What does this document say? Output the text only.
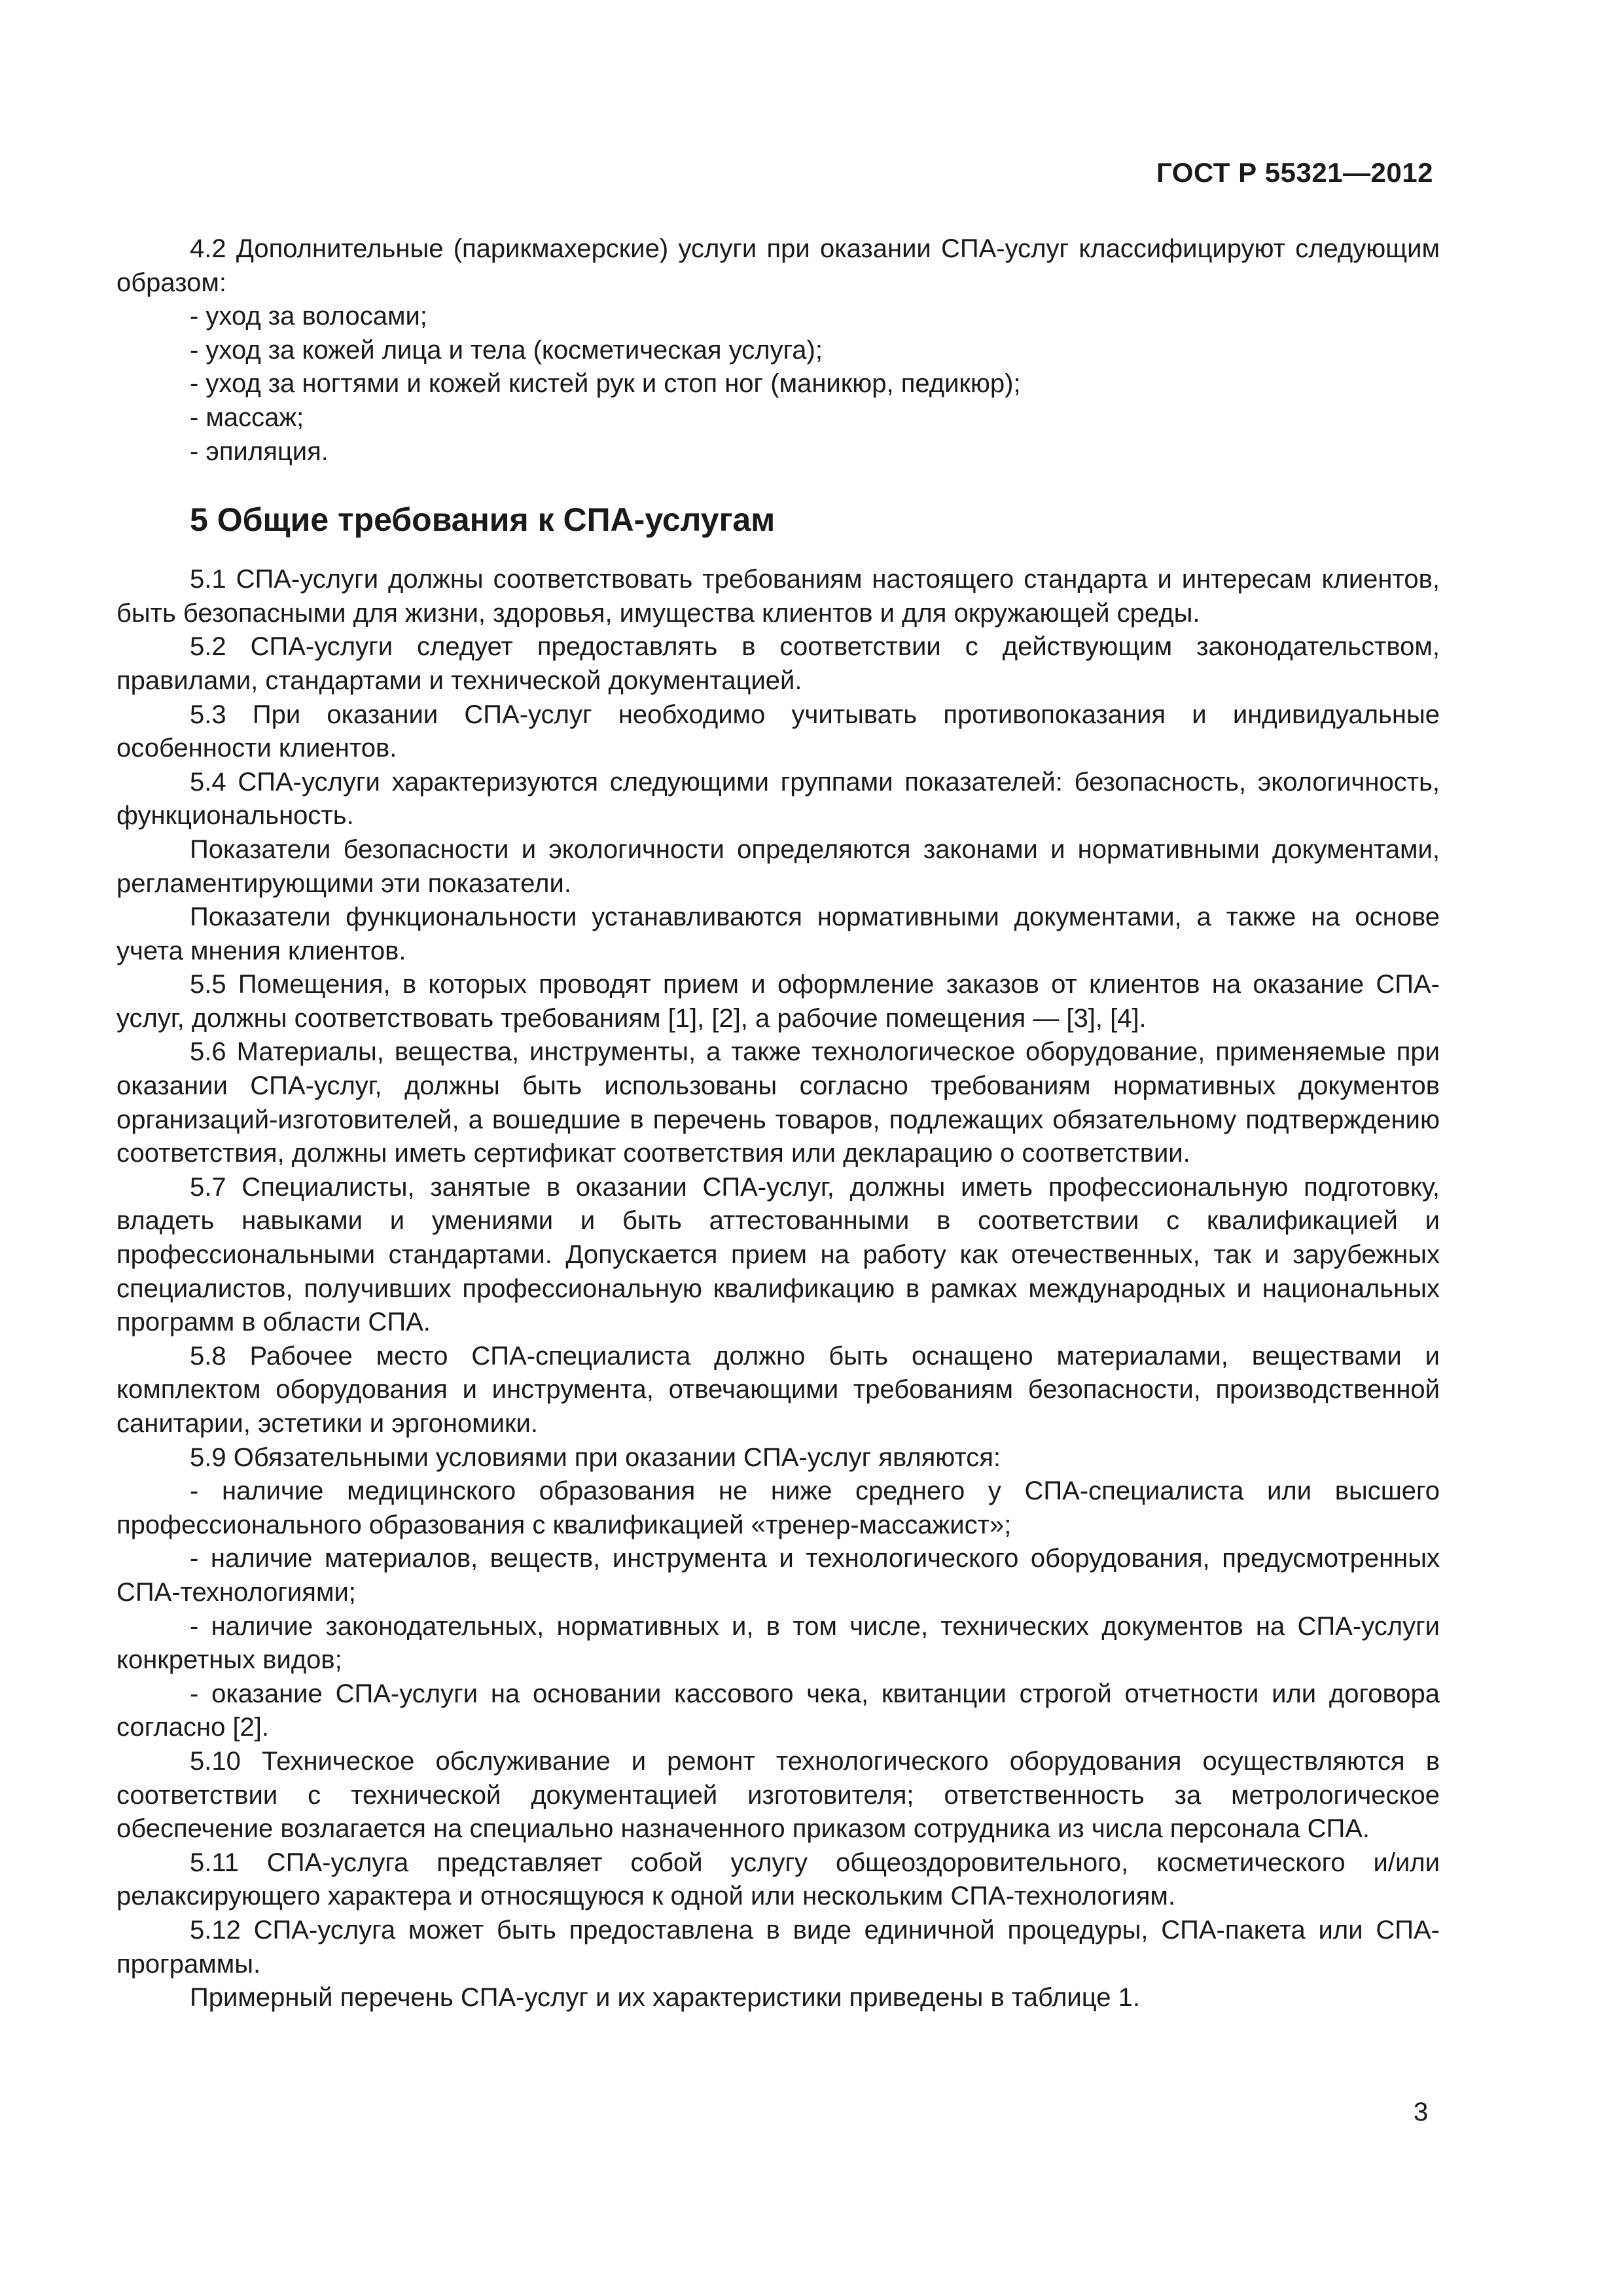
ГОСТ Р 55321—2012

4.2 Дополнительные (парикмахерские) услуги при оказании СПА-услуг классифицируют следующим образом:

- уход за волосами;

- уход за кожей лица и тела (косметическая услуга);

- уход за ногтями и кожей кистей рук и стоп ног (маникюр, педикюр);

- массаж;

- эпиляция.

5 Общие требования к СПА-услугам

5.1 СПА-услуги должны соответствовать требованиям настоящего стандарта и интересам клиентов, быть безопасными для жизни, здоровья, имущества клиентов и для окружающей среды.

5.2 СПА-услуги следует предоставлять в соответствии с действующим законодательством, правилами, стандартами и технической документацией.

5.3 При оказании СПА-услуг необходимо учитывать противопоказания и индивидуальные особенности клиентов.

5.4 СПА-услуги характеризуются следующими группами показателей: безопасность, экологичность, функциональность.

Показатели безопасности и экологичности определяются законами и нормативными документами, регламентирующими эти показатели.

Показатели функциональности устанавливаются нормативными документами, а также на основе учета мнения клиентов.

5.5 Помещения, в которых проводят прием и оформление заказов от клиентов на оказание СПА-услуг, должны соответствовать требованиям [1], [2], а рабочие помещения — [3], [4].

5.6 Материалы, вещества, инструменты, а также технологическое оборудование, применяемые при оказании СПА-услуг, должны быть использованы согласно требованиям нормативных документов организаций-изготовителей, а вошедшие в перечень товаров, подлежащих обязательному подтверждению соответствия, должны иметь сертификат соответствия или декларацию о соответствии.

5.7 Специалисты, занятые в оказании СПА-услуг, должны иметь профессиональную подготовку, владеть навыками и умениями и быть аттестованными в соответствии с квалификацией и профессиональными стандартами. Допускается прием на работу как отечественных, так и зарубежных специалистов, получивших профессиональную квалификацию в рамках международных и национальных программ в области СПА.

5.8 Рабочее место СПА-специалиста должно быть оснащено материалами, веществами и комплектом оборудования и инструмента, отвечающими требованиям безопасности, производственной санитарии, эстетики и эргономики.

5.9 Обязательными условиями при оказании СПА-услуг являются:

- наличие медицинского образования не ниже среднего у СПА-специалиста или высшего профессионального образования с квалификацией «тренер-массажист»;

- наличие материалов, веществ, инструмента и технологического оборудования, предусмотренных СПА-технологиями;

- наличие законодательных, нормативных и, в том числе, технических документов на СПА-услуги конкретных видов;

- оказание СПА-услуги на основании кассового чека, квитанции строгой отчетности или договора согласно [2].

5.10 Техническое обслуживание и ремонт технологического оборудования осуществляются в соответствии с технической документацией изготовителя; ответственность за метрологическое обеспечение возлагается на специально назначенного приказом сотрудника из числа персонала СПА.

5.11 СПА-услуга представляет собой услугу общеоздоровительного, косметического и/или релаксирующего характера и относящуюся к одной или нескольким СПА-технологиям.

5.12 СПА-услуга может быть предоставлена в виде единичной процедуры, СПА-пакета или СПА-программы.

Примерный перечень СПА-услуг и их характеристики приведены в таблице 1.

3
